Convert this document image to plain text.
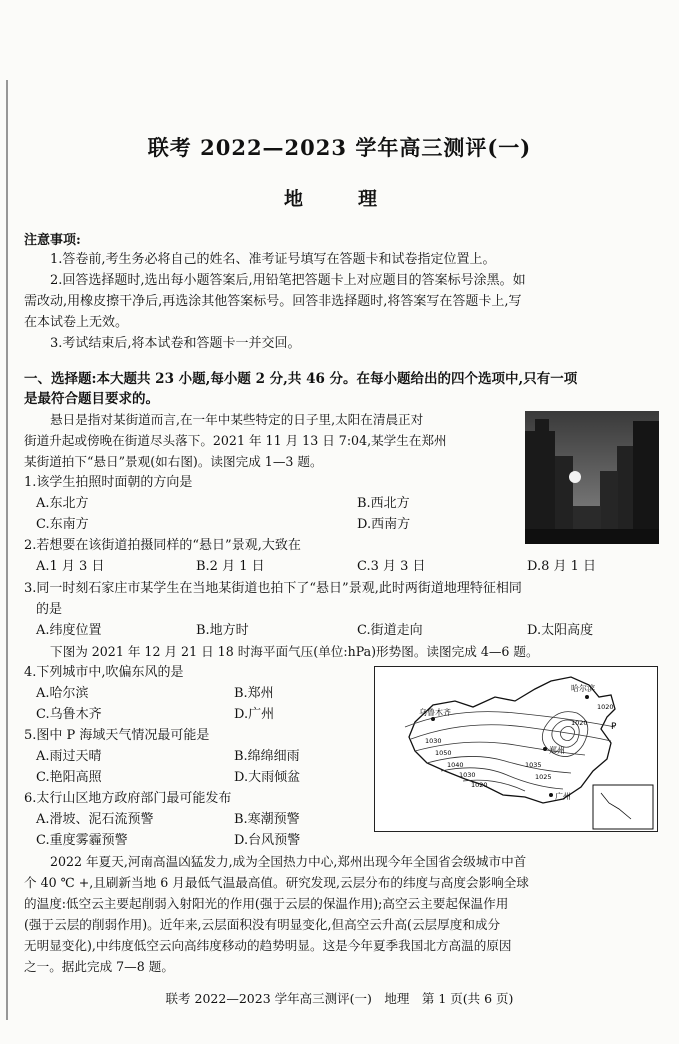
联考 2022—2023 学年高三测评(一)
地　理
注意事项:
1.答卷前,考生务必将自己的姓名、准考证号填写在答题卡和试卷指定位置上。
2.回答选择题时,选出每小题答案后,用铅笔把答题卡上对应题目的答案标号涂黑。如
需改动,用橡皮擦干净后,再选涂其他答案标号。回答非选择题时,将答案写在答题卡上,写
在本试卷上无效。
3.考试结束后,将本试卷和答题卡一并交回。
一、选择题:本大题共 23 小题,每小题 2 分,共 46 分。在每小题给出的四个选项中,只有一项
是最符合题目要求的。
悬日是指对某街道而言,在一年中某些特定的日子里,太阳在清晨正对
街道升起或傍晚在街道尽头落下。2021 年 11 月 13 日 7:04,某学生在郑州
某街道拍下“悬日”景观(如右图)。读图完成 1—3 题。
1.该学生拍照时面朝的方向是
A.东北方	B.西北方
C.东南方	D.西南方
2.若想要在该街道拍摄同样的“悬日”景观,大致在
A.1 月 3 日	B.2 月 1 日	C.3 月 3 日	D.8 月 1 日
3.同一时刻石家庄市某学生在当地某街道也拍下了“悬日”景观,此时两街道地理特征相同
的是
A.纬度位置	B.地方时	C.街道走向	D.太阳高度
下图为 2021 年 12 月 21 日 18 时海平面气压(单位:hPa)形势图。读图完成 4—6 题。
4.下列城市中,吹偏东风的是
A.哈尔滨	B.郑州
C.乌鲁木齐	D.广州
5.图中 P 海域天气情况最可能是
A.雨过天晴	B.绵绵细雨
C.艳阳高照	D.大雨倾盆
6.太行山区地方政府部门最可能发布
A.滑坡、泥石流预警	B.寒潮预警
C.重度雾霾预警	D.台风预警
乌鲁木齐
哈尔滨
郑州
广州
P
1020
1030
1050
1040
1030
1020
1035
1025
1020
2022 年夏天,河南高温凶猛发力,成为全国热力中心,郑州出现今年全国省会级城市中首
个 40 ℃ +,且刷新当地 6 月最低气温最高值。研究发现,云层分布的纬度与高度会影响全球
的温度:低空云主要起削弱入射阳光的作用(强于云层的保温作用);高空云主要起保温作用
(强于云层的削弱作用)。近年来,云层面积没有明显变化,但高空云升高(云层厚度和成分
无明显变化),中纬度低空云向高纬度移动的趋势明显。这是今年夏季我国北方高温的原因
之一。据此完成 7—8 题。
联考 2022—2023 学年高三测评(一)　地理　第 1 页(共 6 页)
